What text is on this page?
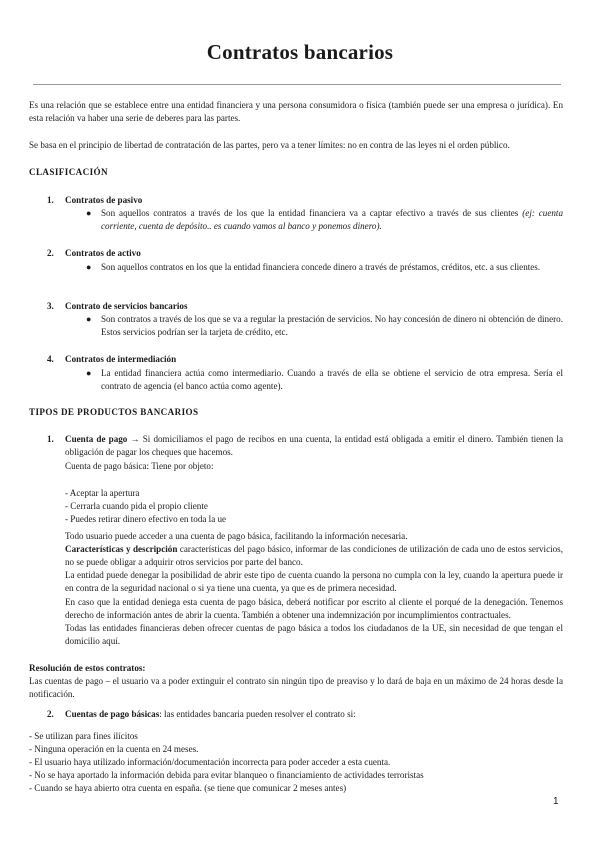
Contratos bancarios
Es una relación que se establece entre una entidad financiera y una persona consumidora o física (también puede ser una empresa o jurídica). En esta relación va haber una serie de deberes para las partes.
Se basa en el principio de libertad de contratación de las partes, pero va a tener límites: no en contra de las leyes ni el orden público.
CLASIFICACIÓN
1. Contratos de pasivo
● Son aquellos contratos a través de los que la entidad financiera va a captar efectivo a través de sus clientes (ej: cuenta corriente, cuenta de depósito.. es cuando vamos al banco y ponemos dinero).
2. Contratos de activo
● Son aquellos contratos en los que la entidad financiera concede dinero a través de préstamos, créditos, etc. a sus clientes.
3. Contrato de servicios bancarios
● Son contratos a través de los que se va a regular la prestación de servicios. No hay concesión de dinero ni obtención de dinero. Estos servicios podrían ser la tarjeta de crédito, etc.
4. Contratos de intermediación
● La entidad financiera actúa como intermediario. Cuando a través de ella se obtiene el servicio de otra empresa. Sería el contrato de agencia (el banco actúa como agente).
TIPOS DE PRODUCTOS BANCARIOS
1. Cuenta de pago → Si domiciliamos el pago de recibos en una cuenta, la entidad está obligada a emitir el dinero. También tienen la obligación de pagar los cheques que hacemos.
Cuenta de pago básica: Tiene por objeto:
- Aceptar la apertura
- Cerrarla cuando pida el propio cliente
- Puedes retirar dinero efectivo en toda la ue
Todo usuario puede acceder a una cuenta de pago básica, facilitando la información necesaria.
Características y descripción características del pago básico, informar de las condiciones de utilización de cada uno de estos servicios, no se puede obligar a adquirir otros servicios por parte del banco.
La entidad puede denegar la posibilidad de abrir este tipo de cuenta cuando la persona no cumpla con la ley, cuando la apertura puede ir en contra de la seguridad nacional o si ya tiene una cuenta, ya que es de primera necesidad.
En caso que la entidad deniega esta cuenta de pago básica, deberá notificar por escrito al cliente el porqué de la denegación. Tenemos derecho de información antes de abrir la cuenta. También a obtener una indemnización por incumplimientos contractuales.
Todas las entidades financieras deben ofrecer cuentas de pago básica a todos los ciudadanos de la UE, sin necesidad de que tengan el domicilio aquí.
Resolución de estos contratos:
Las cuentas de pago – el usuario va a poder extinguir el contrato sin ningún tipo de preaviso y lo dará de baja en un máximo de 24 horas desde la notificación.
2. Cuentas de pago básicas: las entidades bancaria pueden resolver el contrato si:
- Se utilizan para fines ilícitos
- Ninguna operación en la cuenta en 24 meses.
- El usuario haya utilizado información/documentación incorrecta para poder acceder a esta cuenta.
- No se haya aportado la información debida para evitar blanqueo o financiamiento de actividades terroristas
- Cuando se haya abierto otra cuenta en españa. (se tiene que comunicar 2 meses antes)
1
